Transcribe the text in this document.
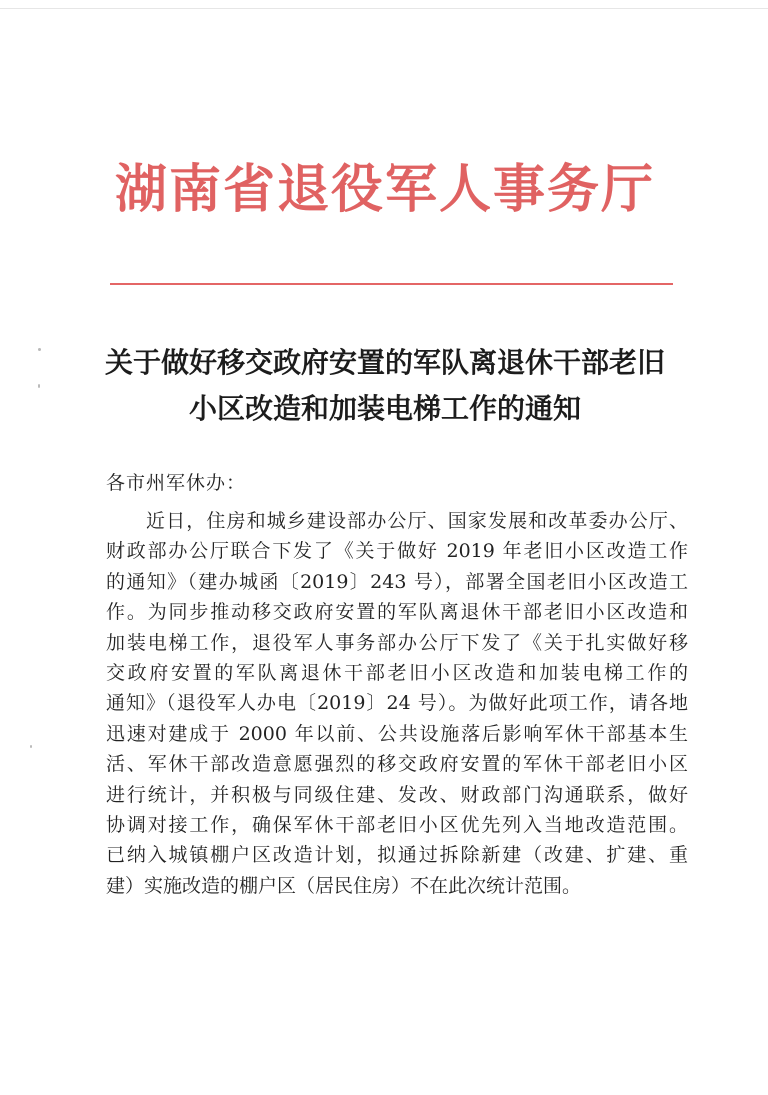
湖南省退役军人事务厅
关于做好移交政府安置的军队离退休干部老旧
小区改造和加装电梯工作的通知
各市州军休办：
近日，住房和城乡建设部办公厅、国家发展和改革委办公厅、
财政部办公厅联合下发了《关于做好 2019 年老旧小区改造工作
的通知》（建办城函〔2019〕243 号），部署全国老旧小区改造工
作。为同步推动移交政府安置的军队离退休干部老旧小区改造和
加装电梯工作，退役军人事务部办公厅下发了《关于扎实做好移
交政府安置的军队离退休干部老旧小区改造和加装电梯工作的
通知》（退役军人办电〔2019〕24 号）。为做好此项工作，请各地
迅速对建成于 2000 年以前、公共设施落后影响军休干部基本生
活、军休干部改造意愿强烈的移交政府安置的军休干部老旧小区
进行统计，并积极与同级住建、发改、财政部门沟通联系，做好
协调对接工作，确保军休干部老旧小区优先列入当地改造范围。
已纳入城镇棚户区改造计划，拟通过拆除新建（改建、扩建、重
建）实施改造的棚户区（居民住房）不在此次统计范围。
